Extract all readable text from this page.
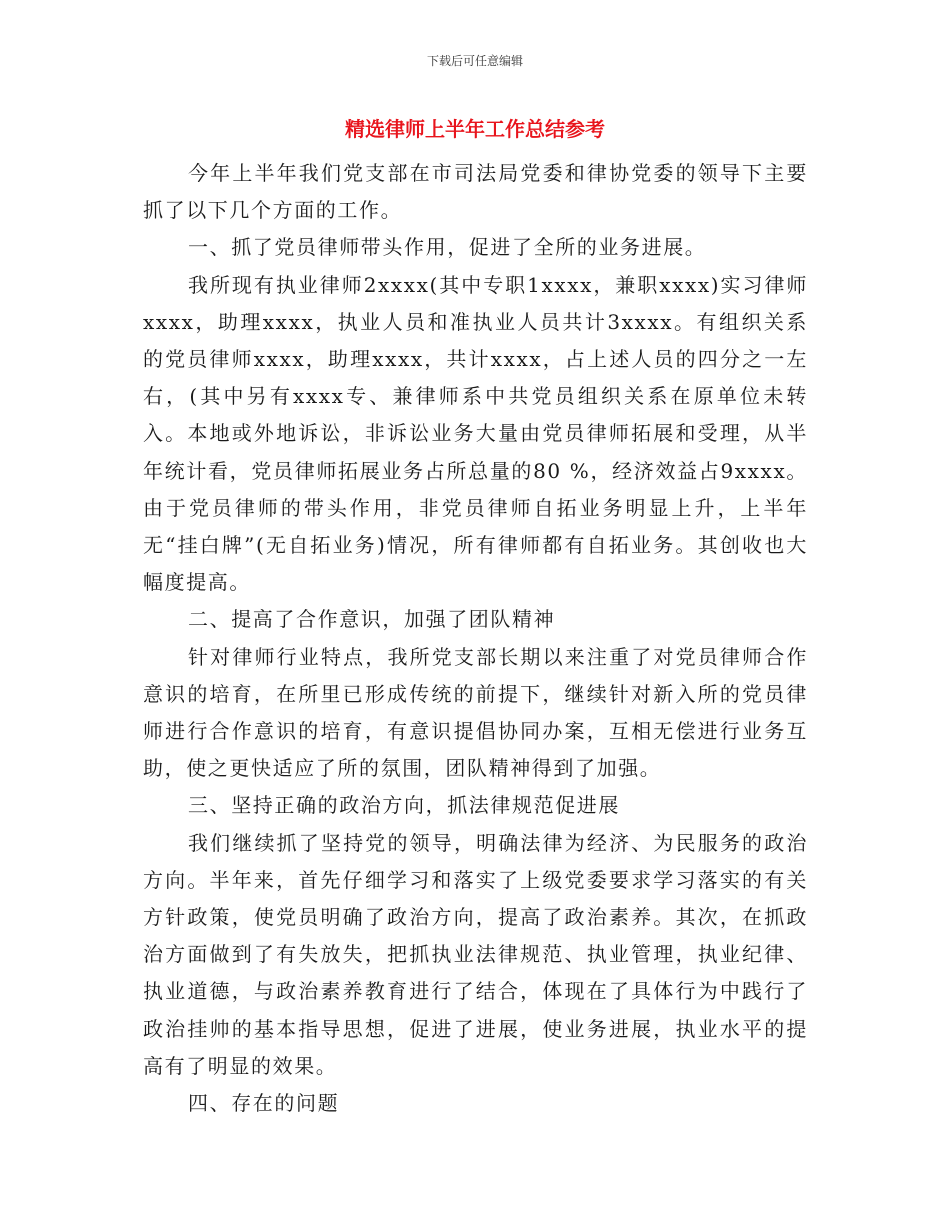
下载后可任意编辑
精选律师上半年工作总结参考

今年上半年我们党支部在市司法局党委和律协党委的领导下主要抓了以下几个方面的工作。

一、抓了党员律师带头作用，促进了全所的业务进展。

我所现有执业律师2xxxx(其中专职1xxxx，兼职xxxx)实习律师xxxx，助理xxxx，执业人员和准执业人员共计3xxxx。有组织关系的党员律师xxxx，助理xxxx，共计xxxx，占上述人员的四分之一左右，(其中另有xxxx专、兼律师系中共党员组织关系在原单位未转入。本地或外地诉讼，非诉讼业务大量由党员律师拓展和受理，从半年统计看，党员律师拓展业务占所总量的80 %，经济效益占9xxxx。由于党员律师的带头作用，非党员律师自拓业务明显上升，上半年无“挂白牌”(无自拓业务)情况，所有律师都有自拓业务。其创收也大幅度提高。

二、提高了合作意识，加强了团队精神

针对律师行业特点，我所党支部长期以来注重了对党员律师合作意识的培育，在所里已形成传统的前提下，继续针对新入所的党员律师进行合作意识的培育，有意识提倡协同办案，互相无偿进行业务互助，使之更快适应了所的氛围，团队精神得到了加强。

三、坚持正确的政治方向，抓法律规范促进展

我们继续抓了坚持党的领导，明确法律为经济、为民服务的政治方向。半年来，首先仔细学习和落实了上级党委要求学习落实的有关方针政策，使党员明确了政治方向，提高了政治素养。其次，在抓政治方面做到了有失放失，把抓执业法律规范、执业管理，执业纪律、执业道德，与政治素养教育进行了结合，体现在了具体行为中践行了政治挂帅的基本指导思想，促进了进展，使业务进展，执业水平的提高有了明显的效果。

四、存在的问题
